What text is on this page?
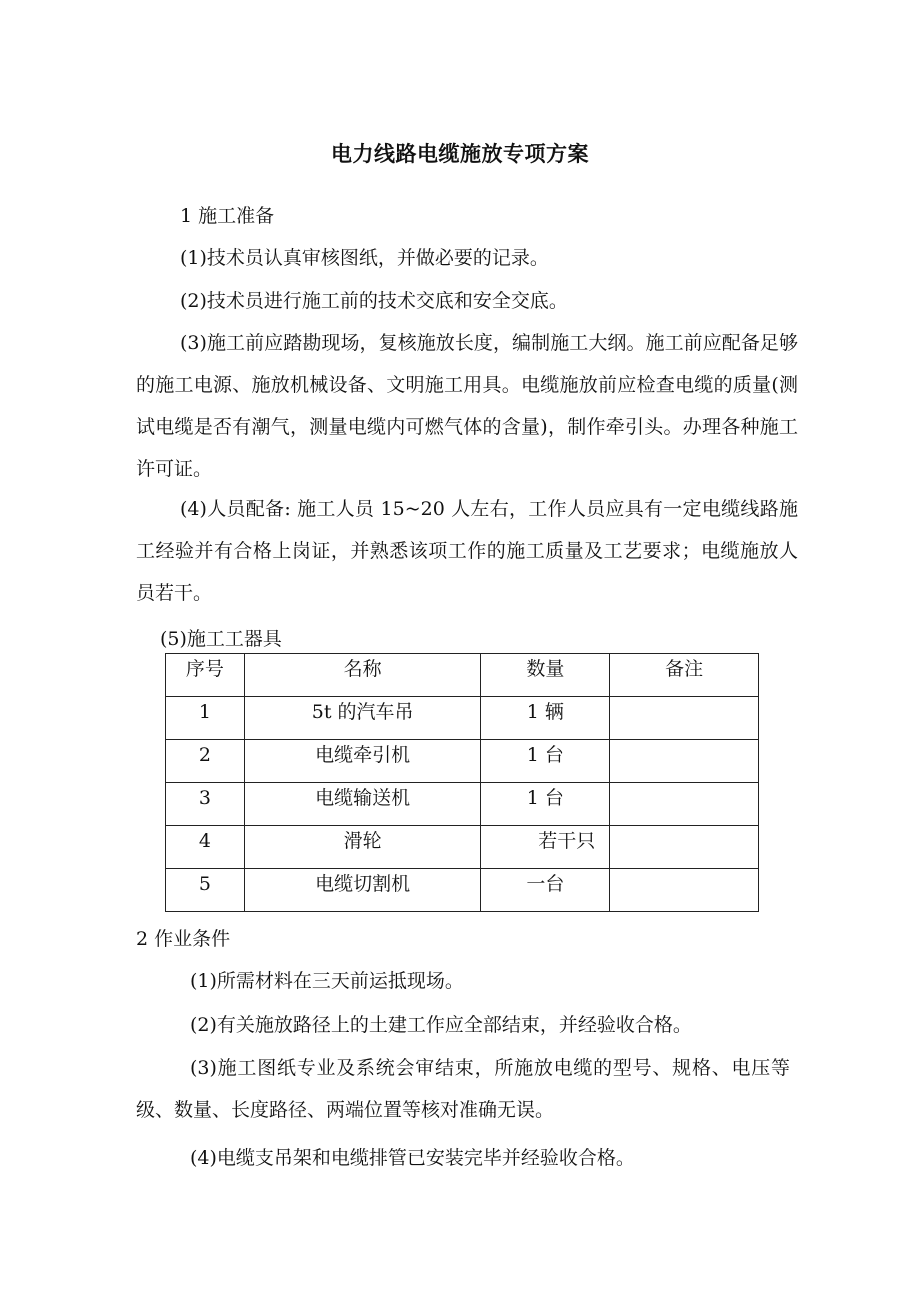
电力线路电缆施放专项方案
1 施工准备
(1)技术员认真审核图纸，并做必要的记录。
(2)技术员进行施工前的技术交底和安全交底。
(3)施工前应踏勘现场，复核施放长度，编制施工大纲。施工前应配备足够的施工电源、施放机械设备、文明施工用具。电缆施放前应检查电缆的质量(测试电缆是否有潮气，测量电缆内可燃气体的含量)，制作牵引头。办理各种施工许可证。
(4)人员配备: 施工人员 15~20 人左右，工作人员应具有一定电缆线路施工经验并有合格上岗证，并熟悉该项工作的施工质量及工艺要求；电缆施放人员若干。
(5)施工工器具
序号	名称	数量	备注
1	5t 的汽车吊	1 辆	
2	电缆牵引机	1 台	
3	电缆输送机	1 台	
4	滑轮	若干只	
5	电缆切割机	一台	
2 作业条件
(1)所需材料在三天前运抵现场。
(2)有关施放路径上的土建工作应全部结束，并经验收合格。
(3)施工图纸专业及系统会审结束，所施放电缆的型号、规格、电压等级、数量、长度路径、两端位置等核对准确无误。
(4)电缆支吊架和电缆排管已安装完毕并经验收合格。
